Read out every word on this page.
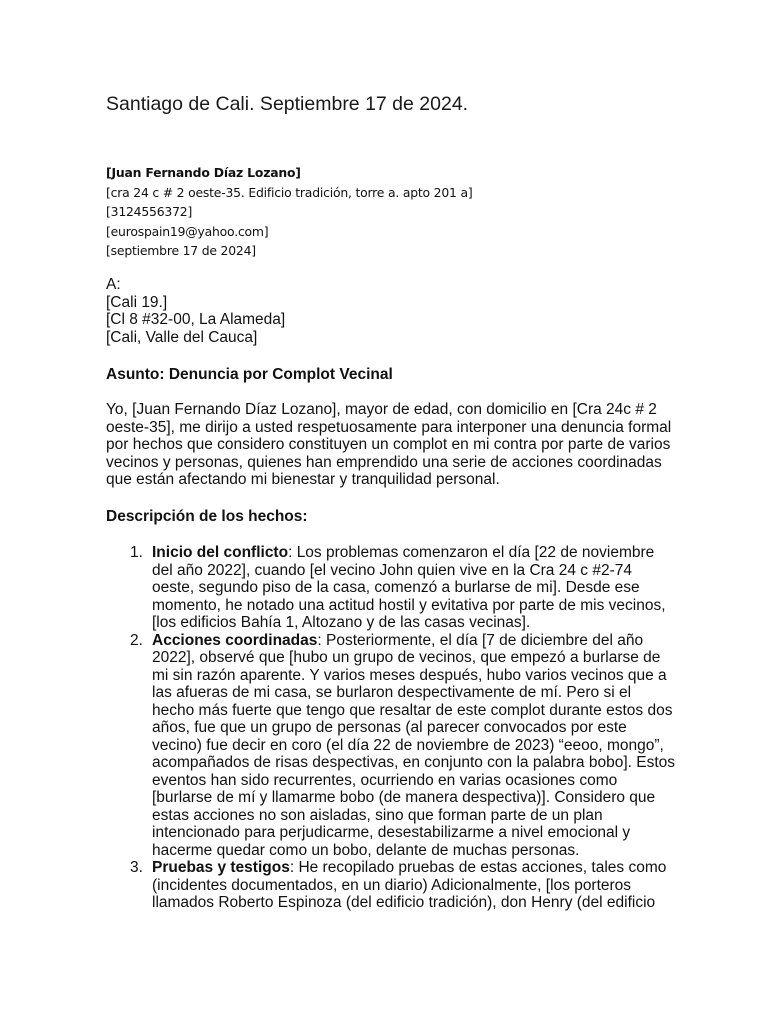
Santiago de Cali. Septiembre 17 de 2024.
[Juan Fernando Díaz Lozano]
[cra 24 c # 2 oeste-35. Edificio tradición, torre a. apto 201 a]
[3124556372]
[eurospain19@yahoo.com]
[septiembre 17 de 2024]
A:
[Cali 19.]
[Cl 8 #32-00, La Alameda]
[Cali, Valle del Cauca]
Asunto: Denuncia por Complot Vecinal
Yo, [Juan Fernando Díaz Lozano], mayor de edad, con domicilio en [Cra 24c # 2
oeste-35], me dirijo a usted respetuosamente para interponer una denuncia formal
por hechos que considero constituyen un complot en mi contra por parte de varios
vecinos y personas, quienes han emprendido una serie de acciones coordinadas
que están afectando mi bienestar y tranquilidad personal.
Descripción de los hechos:
1. Inicio del conflicto: Los problemas comenzaron el día [22 de noviembre
del año 2022], cuando [el vecino John quien vive en la Cra 24 c #2-74
oeste, segundo piso de la casa, comenzó a burlarse de mi]. Desde ese
momento, he notado una actitud hostil y evitativa por parte de mis vecinos,
[los edificios Bahía 1, Altozano y de las casas vecinas].
2. Acciones coordinadas: Posteriormente, el día [7 de diciembre del año
2022], observé que [hubo un grupo de vecinos, que empezó a burlarse de
mi sin razón aparente. Y varios meses después, hubo varios vecinos que a
las afueras de mi casa, se burlaron despectivamente de mí. Pero si el
hecho más fuerte que tengo que resaltar de este complot durante estos dos
años, fue que un grupo de personas (al parecer convocados por este
vecino) fue decir en coro (el día 22 de noviembre de 2023) “eeoo, mongo”,
acompañados de risas despectivas, en conjunto con la palabra bobo]. Estos
eventos han sido recurrentes, ocurriendo en varias ocasiones como
[burlarse de mí y llamarme bobo (de manera despectiva)]. Considero que
estas acciones no son aisladas, sino que forman parte de un plan
intencionado para perjudicarme, desestabilizarme a nivel emocional y
hacerme quedar como un bobo, delante de muchas personas.
3. Pruebas y testigos: He recopilado pruebas de estas acciones, tales como
(incidentes documentados, en un diario) Adicionalmente, [los porteros
llamados Roberto Espinoza (del edificio tradición), don Henry (del edificio
